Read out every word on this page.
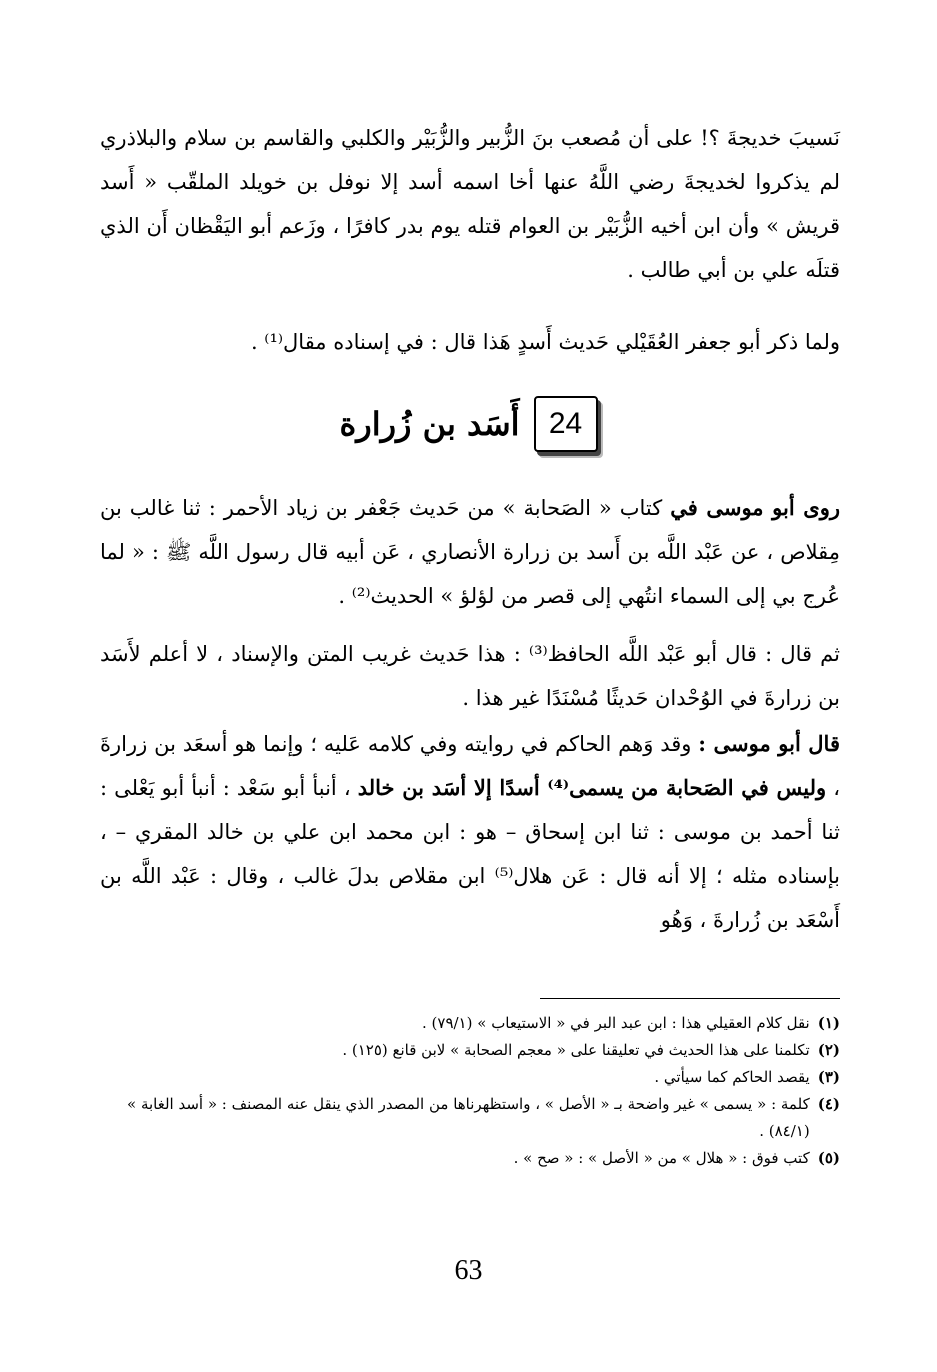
نَسيبَ خديجةَ ؟! على أن مُصعب بنَ الزُّبير والزُّبَيْر والكلبي والقاسم بن سلام والبلاذري لم يذكروا لخديجةَ رضي اللَّهُ عنها أخا اسمه أسد إلا نوفل بن خويلد الملقّب « أَسد قريش » وأن ابن أخيه الزُّبَيْر بن العوام قتله يوم بدر كافرًا ، وزَعم أبو اليَقْظان أَن الذي قتلَه علي بن أبي طالب .
ولما ذكر أبو جعفر العُقَيْلي حَديث أَسدٍ هَذا قال : في إسناده مقال⁽¹⁾ .
24
أَسَد بن زُرارة
روى أبو موسى في كتاب « الصَحابة » من حَديث جَعْفر بن زياد الأحمر : ثنا غالب بن مِقلاص ، عن عَبْد اللَّه بن أَسد بن زرارة الأنصاري ، عَن أبيه قال رسول اللَّه ﷺ : « لما عُرج بي إلى السماء انتُهي إلى قصر من لؤلؤ » الحديث⁽²⁾ .
ثم قال : قال أبو عَبْد اللَّه الحافظ⁽³⁾ : هذا حَديث غريب المتن والإسناد ، لا أعلم لأَسَد بن زرارةَ في الوُحْدان حَديثًا مُسْنَدًا غير هذا .
قال أبو موسى : وقد وَهم الحاكم في روايته وفي كلامه عَليه ؛ وإنما هو أسعَد بن زرارةَ ، وليس في الصَحابة من يسمى⁽⁴⁾ أسدًا إلا أسَد بن خالد ، أنبأ أبو سَعْد : أنبأ أبو يَعْلى : ثنا أحمد بن موسى : ثنا ابن إسحاق – هو : ابن محمد ابن علي بن خالد المقري – ، بإسناده مثله ؛ إلا أنه قال : عَن هلال⁽⁵⁾ ابن مقلاص بدلَ غالب ، وقال : عَبْد اللَّه بن أَسْعَد بن زُرارةَ ، وَهُو
(١)
نقل كلام العقيلي هذا : ابن عبد البر في « الاستيعاب » (٧٩/١) .
(٢)
تكلمنا على هذا الحديث في تعليقنا على « معجم الصحابة » لابن قانع (١٢٥) .
(٣)
يقصد الحاكم كما سيأتي .
(٤)
كلمة : « يسمى » غير واضحة بـ « الأصل » ، واستظهرناها من المصدر الذي ينقل عنه المصنف : « أسد الغابة » (٨٤/١) .
(٥)
كتب فوق : « هلال » من « الأصل » : « صح » .
63
